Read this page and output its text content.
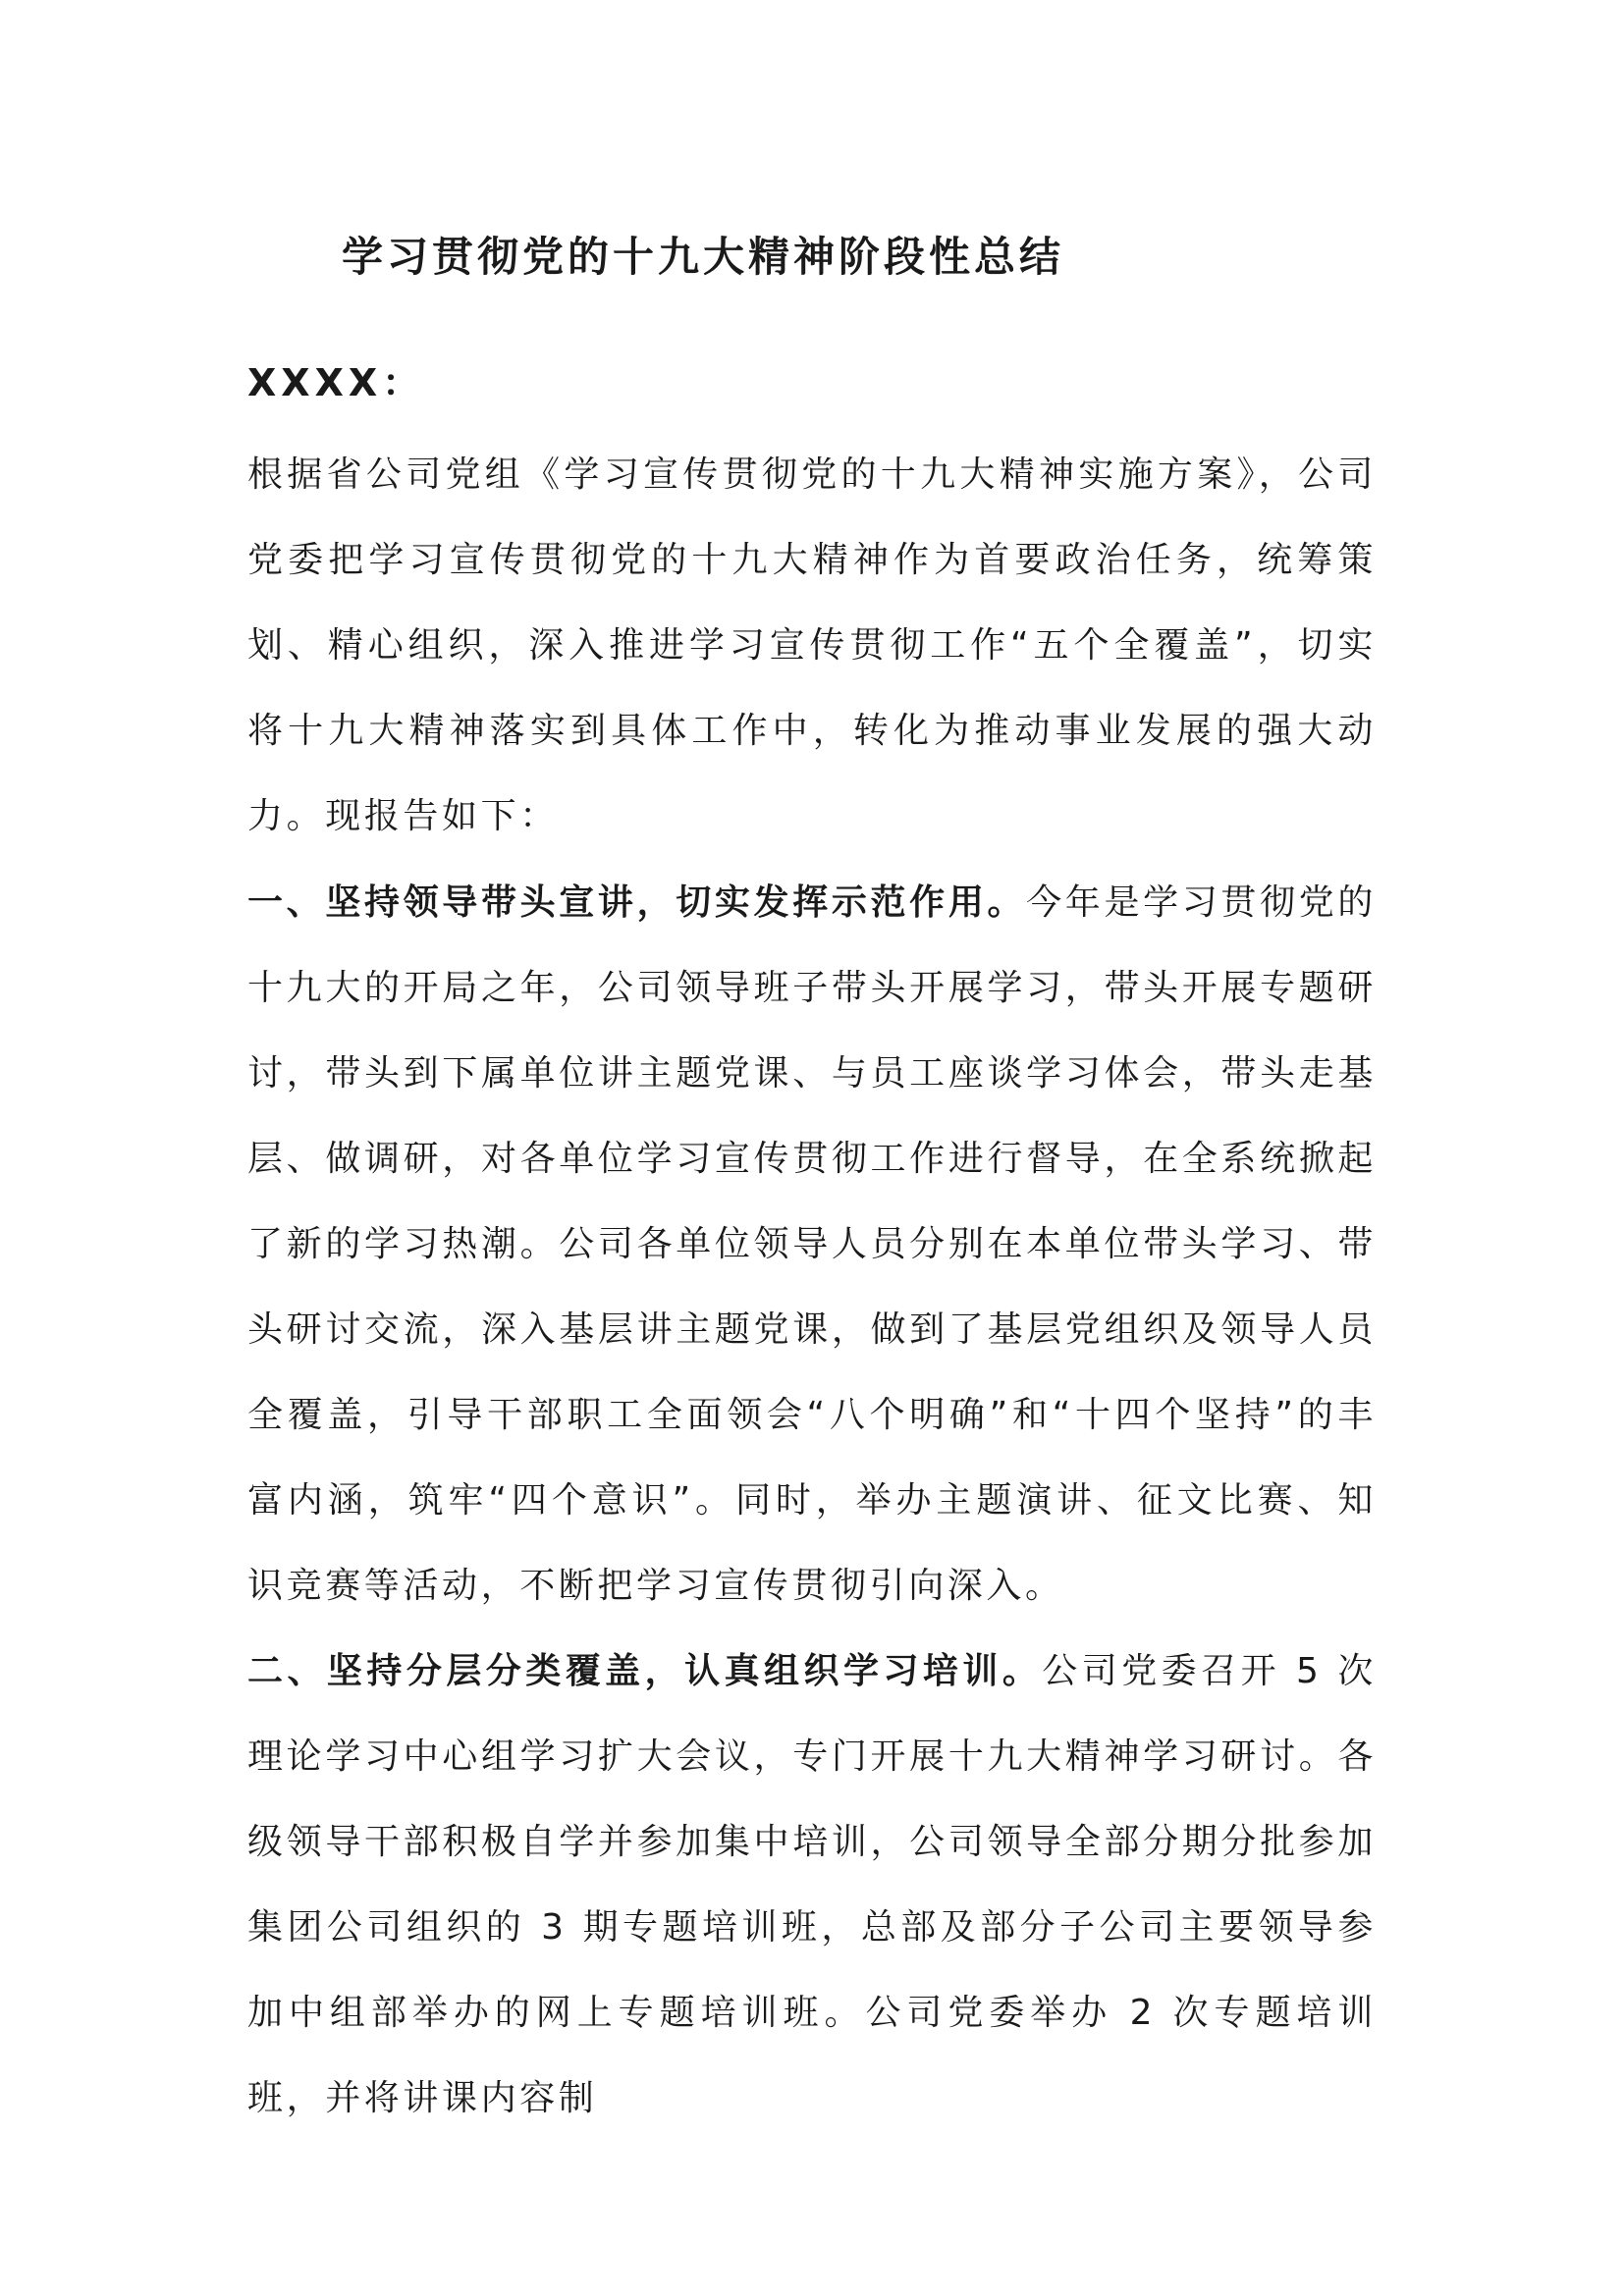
学习贯彻党的十九大精神阶段性总结

XXXX：

根据省公司党组《学习宣传贯彻党的十九大精神实施方案》，公司党委把学习宣传贯彻党的十九大精神作为首要政治任务，统筹策划、精心组织，深入推进学习宣传贯彻工作“五个全覆盖”，切实将十九大精神落实到具体工作中，转化为推动事业发展的强大动力。现报告如下：

一、坚持领导带头宣讲，切实发挥示范作用。今年是学习贯彻党的十九大的开局之年，公司领导班子带头开展学习，带头开展专题研讨，带头到下属单位讲主题党课、与员工座谈学习体会，带头走基层、做调研，对各单位学习宣传贯彻工作进行督导，在全系统掀起了新的学习热潮。公司各单位领导人员分别在本单位带头学习、带头研讨交流，深入基层讲主题党课，做到了基层党组织及领导人员全覆盖，引导干部职工全面领会“八个明确”和“十四个坚持”的丰富内涵，筑牢“四个意识”。同时，举办主题演讲、征文比赛、知识竞赛等活动，不断把学习宣传贯彻引向深入。

二、坚持分层分类覆盖，认真组织学习培训。公司党委召开 5 次理论学习中心组学习扩大会议，专门开展十九大精神学习研讨。各级领导干部积极自学并参加集中培训，公司领导全部分期分批参加集团公司组织的 3 期专题培训班，总部及部分子公司主要领导参加中组部举办的网上专题培训班。公司党委举办 2 次专题培训班，并将讲课内容制
